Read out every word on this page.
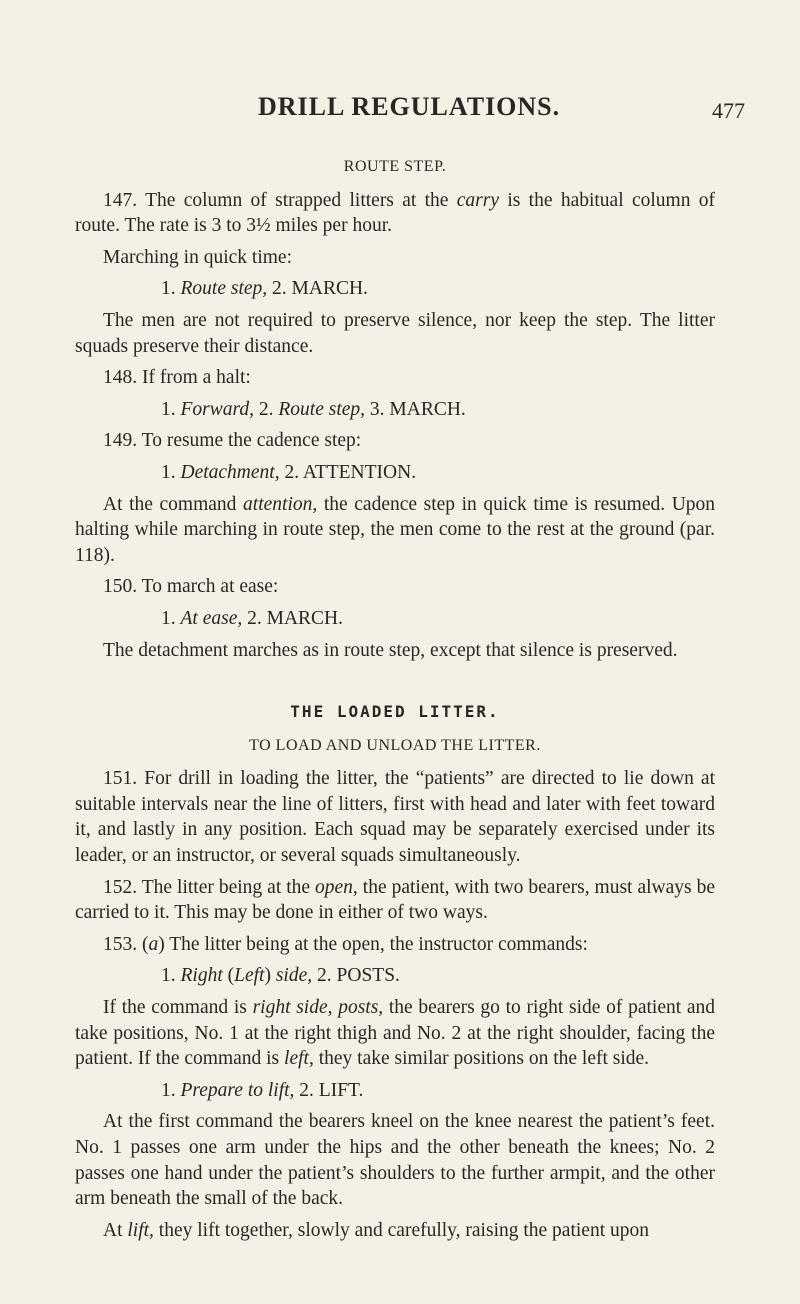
DRILL REGULATIONS.	477
ROUTE STEP.

147. The column of strapped litters at the carry is the habitual column of route. The rate is 3 to 3½ miles per hour.

Marching in quick time:

1. Route step, 2. MARCH.

The men are not required to preserve silence, nor keep the step. The litter squads preserve their distance.

148. If from a halt:

1. Forward, 2. Route step, 3. MARCH.

149. To resume the cadence step:

1. Detachment, 2. ATTENTION.

At the command attention, the cadence step in quick time is resumed. Upon halting while marching in route step, the men come to the rest at the ground (par. 118).

150. To march at ease:

1. At ease, 2. MARCH.

The detachment marches as in route step, except that silence is preserved.

THE LOADED LITTER.
TO LOAD AND UNLOAD THE LITTER.

151. For drill in loading the litter, the “patients” are directed to lie down at suitable intervals near the line of litters, first with head and later with feet toward it, and lastly in any position. Each squad may be separately exercised under its leader, or an instructor, or several squads simultaneously.

152. The litter being at the open, the patient, with two bearers, must always be carried to it. This may be done in either of two ways.

153. (a) The litter being at the open, the instructor commands:

1. Right (Left) side, 2. POSTS.

If the command is right side, posts, the bearers go to right side of patient and take positions, No. 1 at the right thigh and No. 2 at the right shoulder, facing the patient. If the command is left, they take similar positions on the left side.

1. Prepare to lift, 2. LIFT.

At the first command the bearers kneel on the knee nearest the patient’s feet. No. 1 passes one arm under the hips and the other beneath the knees; No. 2 passes one hand under the patient’s shoulders to the further armpit, and the other arm beneath the small of the back.

At lift, they lift together, slowly and carefully, raising the patient upon
